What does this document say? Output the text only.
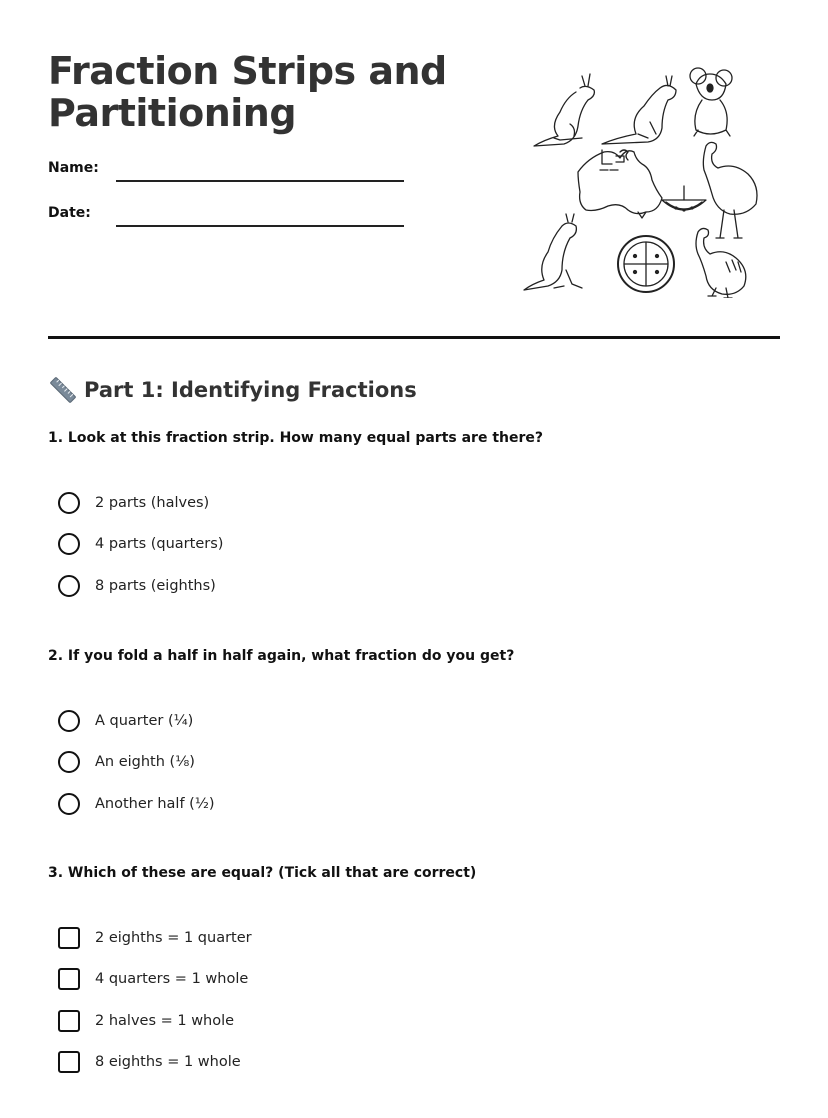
Fraction Strips and Partitioning
Name:
Date:
Part 1: Identifying Fractions
1. Look at this fraction strip. How many equal parts are there?
2 parts (halves)
4 parts (quarters)
8 parts (eighths)
2. If you fold a half in half again, what fraction do you get?
A quarter (¼)
An eighth (⅛)
Another half (½)
3. Which of these are equal? (Tick all that are correct)
2 eighths = 1 quarter
4 quarters = 1 whole
2 halves = 1 whole
8 eighths = 1 whole
